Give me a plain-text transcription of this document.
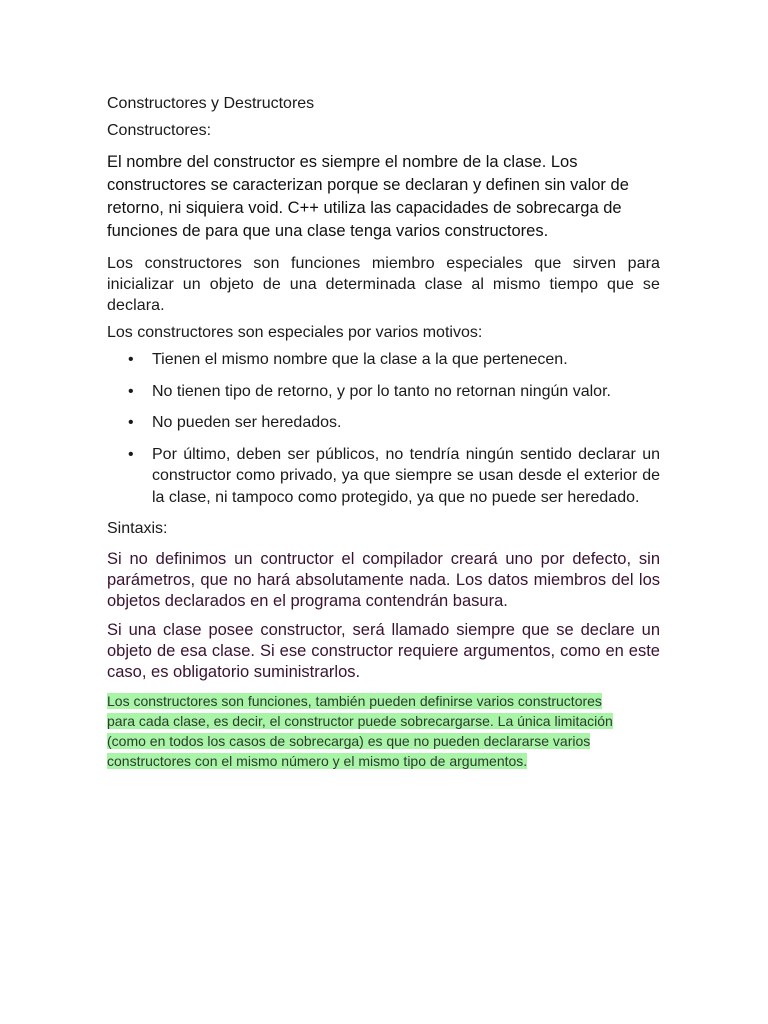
Constructores y Destructores

Constructores:

El nombre del constructor es siempre el nombre de la clase. Los constructores se caracterizan porque se declaran y definen sin valor de retorno, ni siquiera void. C++ utiliza las capacidades de sobrecarga de funciones de para que una clase tenga varios constructores.

Los constructores son funciones miembro especiales que sirven para inicializar un objeto de una determinada clase al mismo tiempo que se declara.

Los constructores son especiales por varios motivos:

• Tienen el mismo nombre que la clase a la que pertenecen.
• No tienen tipo de retorno, y por lo tanto no retornan ningún valor.
• No pueden ser heredados.
• Por último, deben ser públicos, no tendría ningún sentido declarar un constructor como privado, ya que siempre se usan desde el exterior de la clase, ni tampoco como protegido, ya que no puede ser heredado.

Sintaxis:

Si no definimos un contructor el compilador creará uno por defecto, sin parámetros, que no hará absolutamente nada. Los datos miembros del los objetos declarados en el programa contendrán basura.

Si una clase posee constructor, será llamado siempre que se declare un objeto de esa clase. Si ese constructor requiere argumentos, como en este caso, es obligatorio suministrarlos.

Los constructores son funciones, también pueden definirse varios constructores
para cada clase, es decir, el constructor puede sobrecargarse. La única limitación
(como en todos los casos de sobrecarga) es que no pueden declararse varios
constructores con el mismo número y el mismo tipo de argumentos.
